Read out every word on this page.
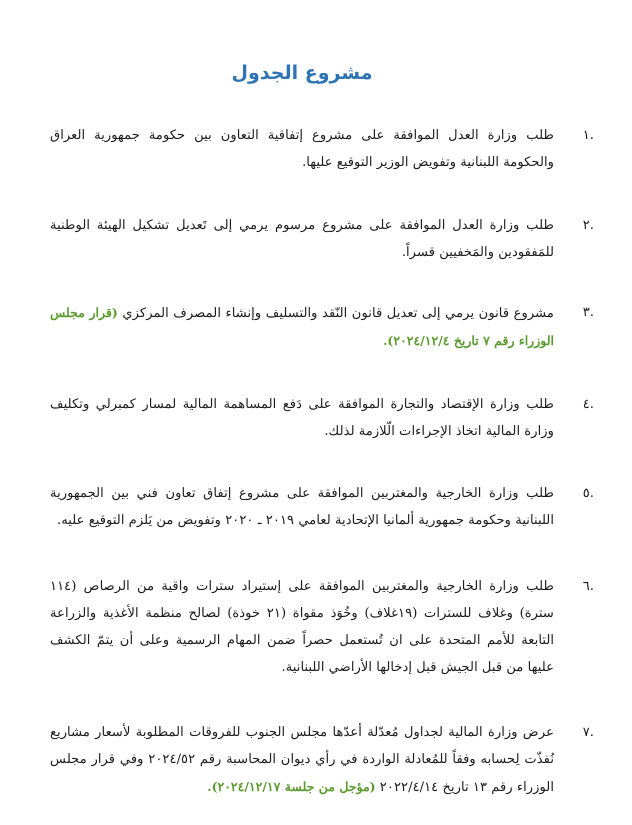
مشروع الجدول
.١
طلب وزارة العدل الموافقة على مشروع إتفاقية التعاون بين حكومة جمهورية العراق والحكومة اللبنانية وتفويض الوزير التوقيع عليها.
.٢
طلب وزارة العدل الموافقة على مشروع مرسوم يرمي إلى تَعديل تشكيل الهيئة الوطنية للمَفقودين والمَخفيين قسراً.
.٣
مشروع قانون يرمي إلى تعديل قانون النّقد والتسليف وإنشاء المصرف المركزي (قرار مجلس الوزراء رقم ٧ تاريخ ٢٠٢٤/١٢/٤).
.٤
طلب وزارة الإقتصاد والتجارة الموافقة على دَفع المساهمة المالية لمسار كمبرلي وتكليف وزارة المالية اتخاذ الإجراءات الّلازمة لذلك.
.٥
طلب وزارة الخارجية والمغتربين الموافقة على مشروع إتفاق تعاون فني بين الجمهورية اللبنانية وحكومة جمهورية ألمانيا الإتحادية لعامي ٢٠١٩ ـ ٢٠٢٠ وتفويض من يَلزم التوقيع عليه.
.٦
طلب وزارة الخارجية والمغتربين الموافقة على إستيراد سترات واقية من الرصاص (١١٤ سترة) وغلاف للسترات (١٩غلاف) وخُوَذ مقواة (٢١ خوذة) لصالح منظمة الأغذية والزراعة التابعة للأمم المتحدة على ان تُستعمل حصراً ضمن المهام الرسمية وعلى أن يتمّ الكشف عليها من قبل الجيش قبل إدخالها الأراضي اللبنانية.
.٧
عرض وزارة المالية لجداول مُعدّلة أعدّها مجلس الجنوب للفروقات المطلوبة لأسعار مشاريع نُفذّت لِحسابه وفقاً للمُعادلة الواردة في رأي ديوان المحاسبة رقم ٢٠٢٤/٥٢ وفي قرار مجلس الوزراء رقم ١٣ تاريخ ٢٠٢٢/٤/١٤ (مؤجل من جلسة ٢٠٢٤/١٢/١٧).
